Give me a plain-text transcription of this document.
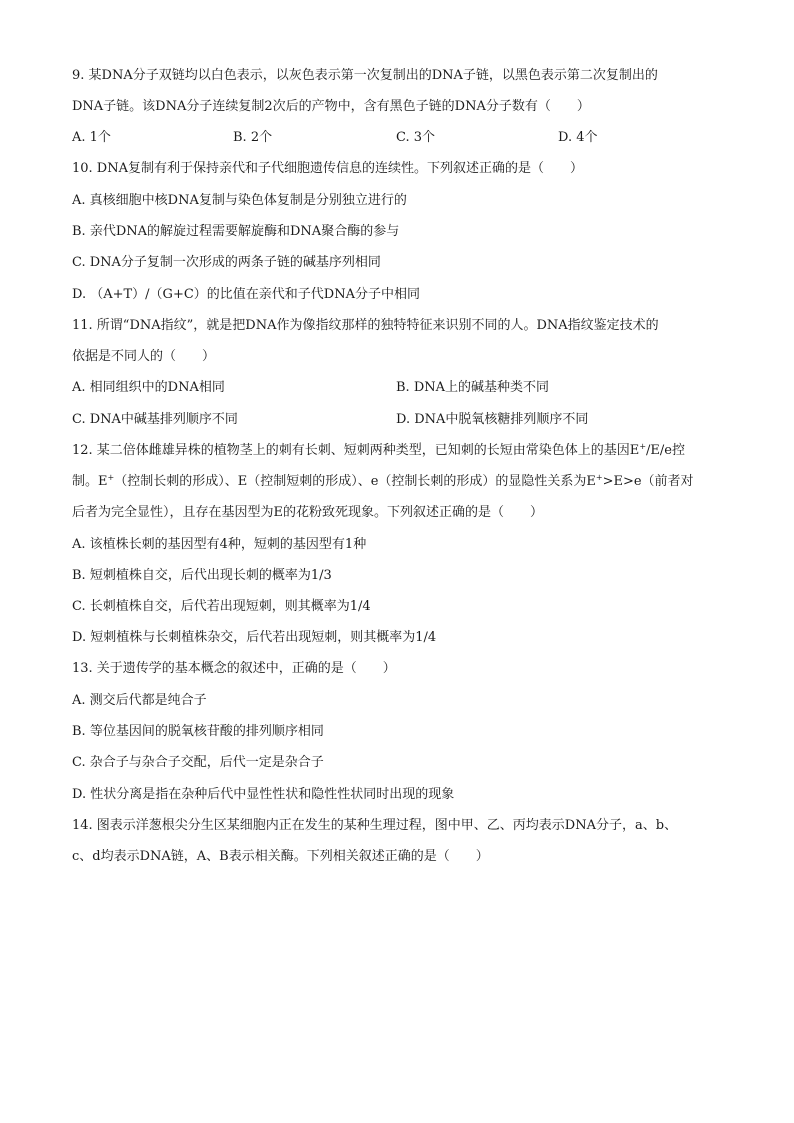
9. 某DNA分子双链均以白色表示，以灰色表示第一次复制出的DNA子链，以黑色表示第二次复制出的
DNA子链。该DNA分子连续复制2次后的产物中，含有黑色子链的DNA分子数有（　　）
A. 1个	B. 2个	C. 3个	D. 4个
10. DNA复制有利于保持亲代和子代细胞遗传信息的连续性。下列叙述正确的是（　　）
A. 真核细胞中核DNA复制与染色体复制是分别独立进行的
B. 亲代DNA的解旋过程需要解旋酶和DNA聚合酶的参与
C. DNA分子复制一次形成的两条子链的碱基序列相同
D. （A+T）/（G+C）的比值在亲代和子代DNA分子中相同
11. 所谓“DNA指纹”，就是把DNA作为像指纹那样的独特特征来识别不同的人。DNA指纹鉴定技术的
依据是不同人的（　　）
A. 相同组织中的DNA相同	B. DNA上的碱基种类不同
C. DNA中碱基排列顺序不同	D. DNA中脱氧核糖排列顺序不同
12. 某二倍体雌雄异株的植物茎上的刺有长刺、短刺两种类型，已知刺的长短由常染色体上的基因E+/E/e控
制。E+（控制长刺的形成）、E（控制短刺的形成）、e（控制长刺的形成）的显隐性关系为E+>E>e（前者对
后者为完全显性），且存在基因型为E的花粉致死现象。下列叙述正确的是（　　）
A. 该植株长刺的基因型有4种，短刺的基因型有1种
B. 短刺植株自交，后代出现长刺的概率为1/3
C. 长刺植株自交，后代若出现短刺，则其概率为1/4
D. 短刺植株与长刺植株杂交，后代若出现短刺，则其概率为1/4
13. 关于遗传学的基本概念的叙述中，正确的是（　　）
A. 测交后代都是纯合子
B. 等位基因间的脱氧核苷酸的排列顺序相同
C. 杂合子与杂合子交配，后代一定是杂合子
D. 性状分离是指在杂种后代中显性性状和隐性性状同时出现的现象
14. 图表示洋葱根尖分生区某细胞内正在发生的某种生理过程，图中甲、乙、丙均表示DNA分子，a、b、
c、d均表示DNA链，A、B表示相关酶。下列相关叙述正确的是（　　）
